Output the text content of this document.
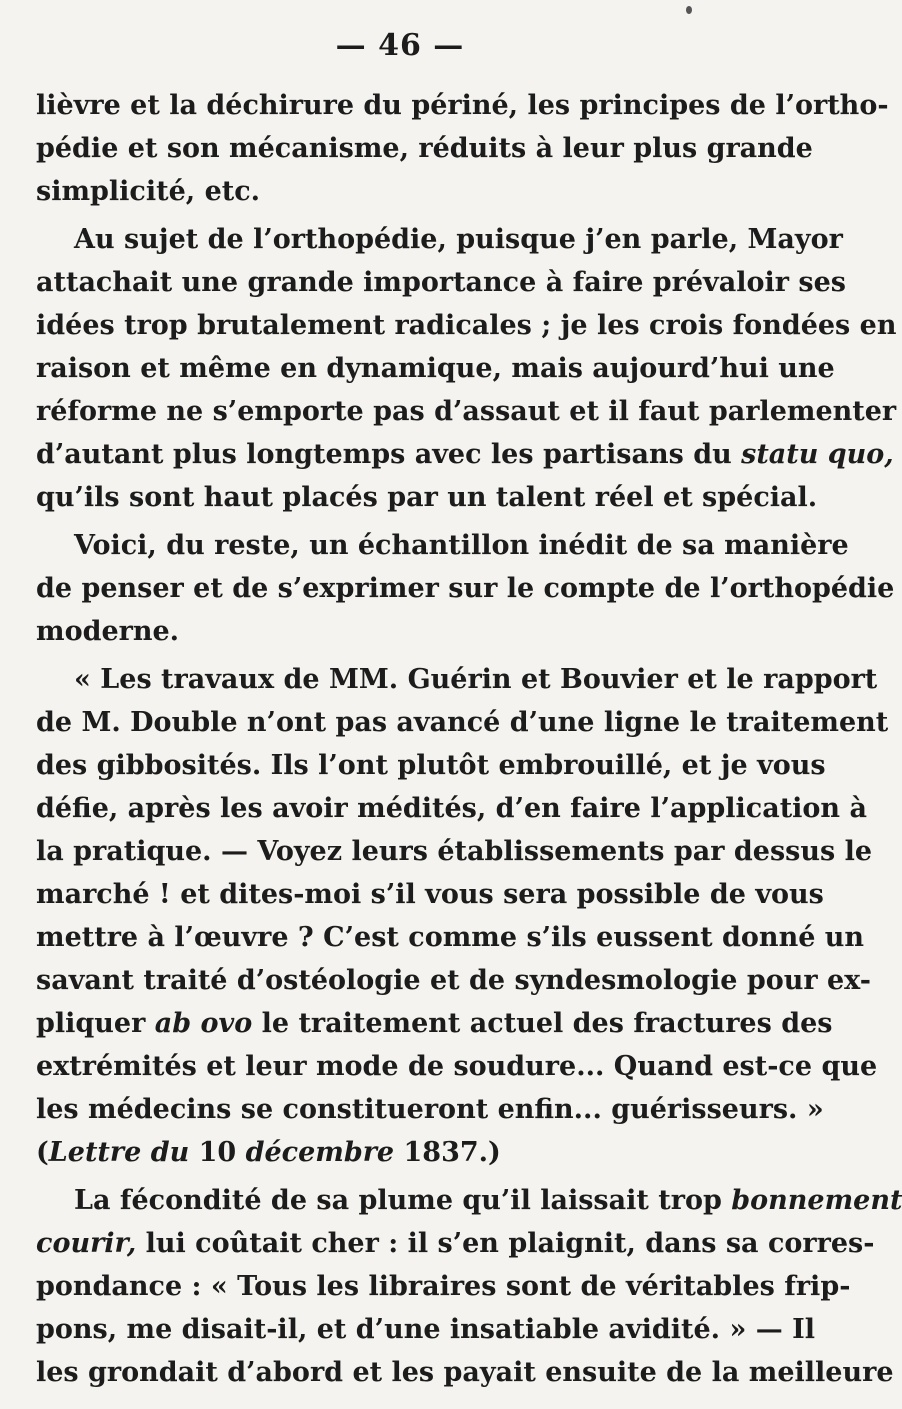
— 46 —
lièvre et la déchirure du périné, les principes de l’ortho-
pédie et son mécanisme, réduits à leur plus grande
simplicité, etc.
Au sujet de l’orthopédie, puisque j’en parle, Mayor
attachait une grande importance à faire prévaloir ses
idées trop brutalement radicales ; je les crois fondées en
raison et même en dynamique, mais aujourd’hui une
réforme ne s’emporte pas d’assaut et il faut parlementer
d’autant plus longtemps avec les partisans du statu quo,
qu’ils sont haut placés par un talent réel et spécial.
Voici, du reste, un échantillon inédit de sa manière
de penser et de s’exprimer sur le compte de l’orthopédie
moderne.
« Les travaux de MM. Guérin et Bouvier et le rapport
de M. Double n’ont pas avancé d’une ligne le traitement
des gibbosités. Ils l’ont plutôt embrouillé, et je vous
défie, après les avoir médités, d’en faire l’application à
la pratique. — Voyez leurs établissements par dessus le
marché ! et dites-moi s’il vous sera possible de vous
mettre à l’œuvre ? C’est comme s’ils eussent donné un
savant traité d’ostéologie et de syndesmologie pour ex-
pliquer ab ovo le traitement actuel des fractures des
extrémités et leur mode de soudure... Quand est-ce que
les médecins se constitueront enfin... guérisseurs. »
(Lettre du 10 décembre 1837.)
La fécondité de sa plume qu’il laissait trop bonnement
courir, lui coûtait cher : il s’en plaignit, dans sa corres-
pondance : « Tous les libraires sont de véritables frip-
pons, me disait-il, et d’une insatiable avidité. » — Il
les grondait d’abord et les payait ensuite de la meilleure
